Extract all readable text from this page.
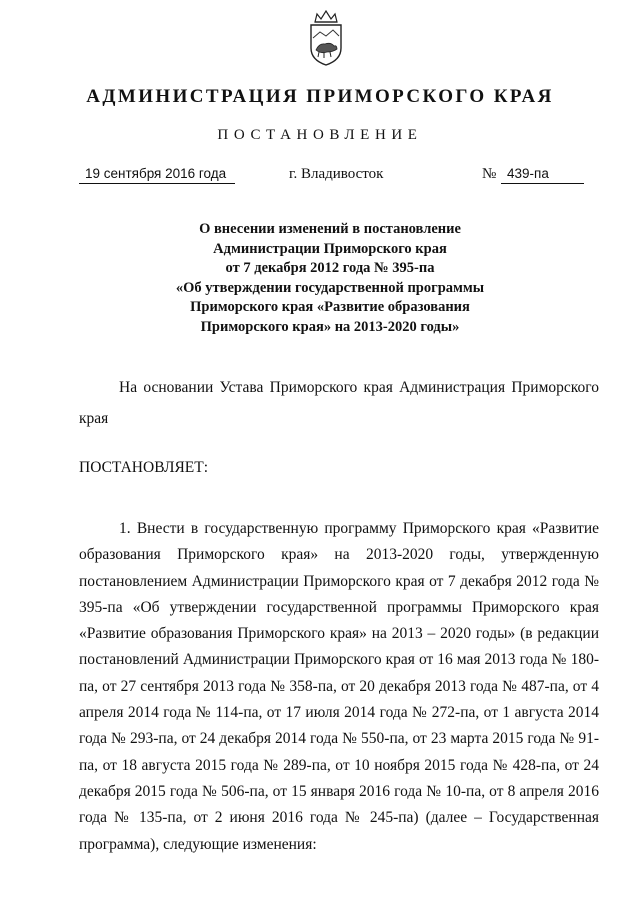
АДМИНИСТРАЦИЯ ПРИМОРСКОГО КРАЯ
ПОСТАНОВЛЕНИЕ
19 сентября 2016 года	г. Владивосток	№ 439-па
О внесении изменений в постановление
Администрации Приморского края
от 7 декабря 2012 года № 395-па
«Об утверждении государственной программы
Приморского края «Развитие образования
Приморского края» на 2013-2020 годы»
На основании Устава Приморского края Администрация Приморского края
ПОСТАНОВЛЯЕТ:
1. Внести в государственную программу Приморского края «Развитие образования Приморского края» на 2013-2020 годы, утвержденную постановлением Администрации Приморского края от 7 декабря 2012 года № 395-па «Об утверждении государственной программы Приморского края «Развитие образования Приморского края» на 2013 – 2020 годы» (в редакции постановлений Администрации Приморского края от 16 мая 2013 года № 180-па, от 27 сентября 2013 года № 358-па, от 20 декабря 2013 года № 487-па, от 4 апреля 2014 года № 114-па, от 17 июля 2014 года № 272-па, от 1 августа 2014 года № 293-па, от 24 декабря 2014 года № 550-па, от 23 марта 2015 года № 91-па, от 18 августа 2015 года № 289-па, от 10 ноября 2015 года № 428-па, от 24 декабря 2015 года № 506-па, от 15 января 2016 года № 10-па, от 8 апреля 2016 года № 135-па, от 2 июня 2016 года № 245-па) (далее – Государственная программа), следующие изменения:
